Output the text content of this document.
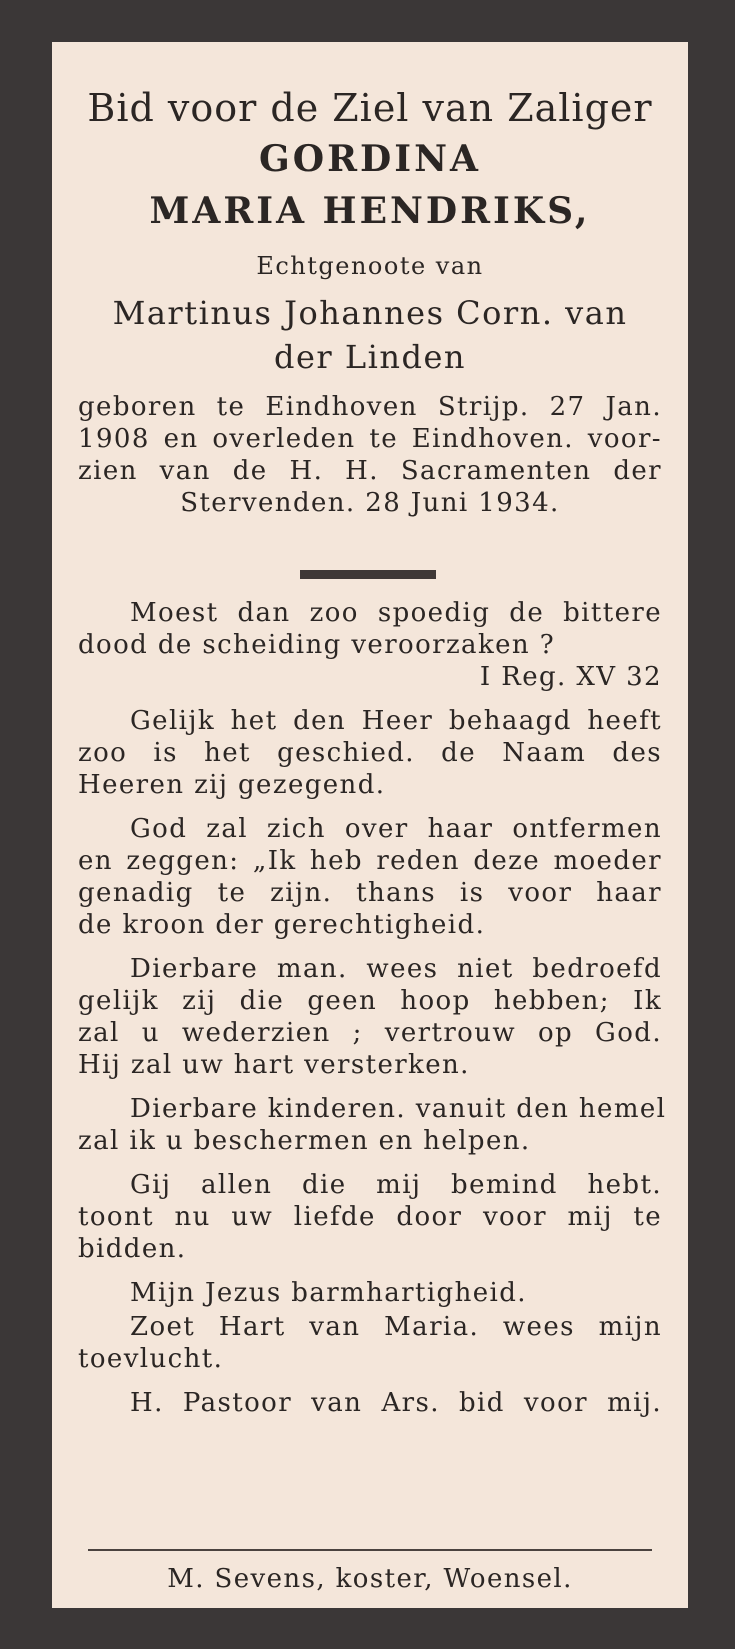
Bid voor de Ziel van Zaliger
GORDINA
MARIA HENDRIKS,
Echtgenoote van
Martinus Johannes Corn. van
der Linden
geboren te Eindhoven Strijp. 27 Jan.
1908 en overleden te Eindhoven. voor-
zien van de H. H. Sacramenten der
Stervenden. 28 Juni 1934.
Moest dan zoo spoedig de bittere
dood de scheiding veroorzaken ?
I Reg. XV 32
Gelijk het den Heer behaagd heeft
zoo is het geschied. de Naam des
Heeren zij gezegend.
God zal zich over haar ontfermen
en zeggen: „Ik heb reden deze moeder
genadig te zijn. thans is voor haar
de kroon der gerechtigheid.
Dierbare man. wees niet bedroefd
gelijk zij die geen hoop hebben; Ik
zal u wederzien ; vertrouw op God.
Hij zal uw hart versterken.
Dierbare kinderen. vanuit den hemel
zal ik u beschermen en helpen.
Gij allen die mij bemind hebt.
toont nu uw liefde door voor mij te
bidden.
Mijn Jezus barmhartigheid.
Zoet Hart van Maria. wees mijn
toevlucht.
H. Pastoor van Ars. bid voor mij.
M. Sevens, koster, Woensel.
